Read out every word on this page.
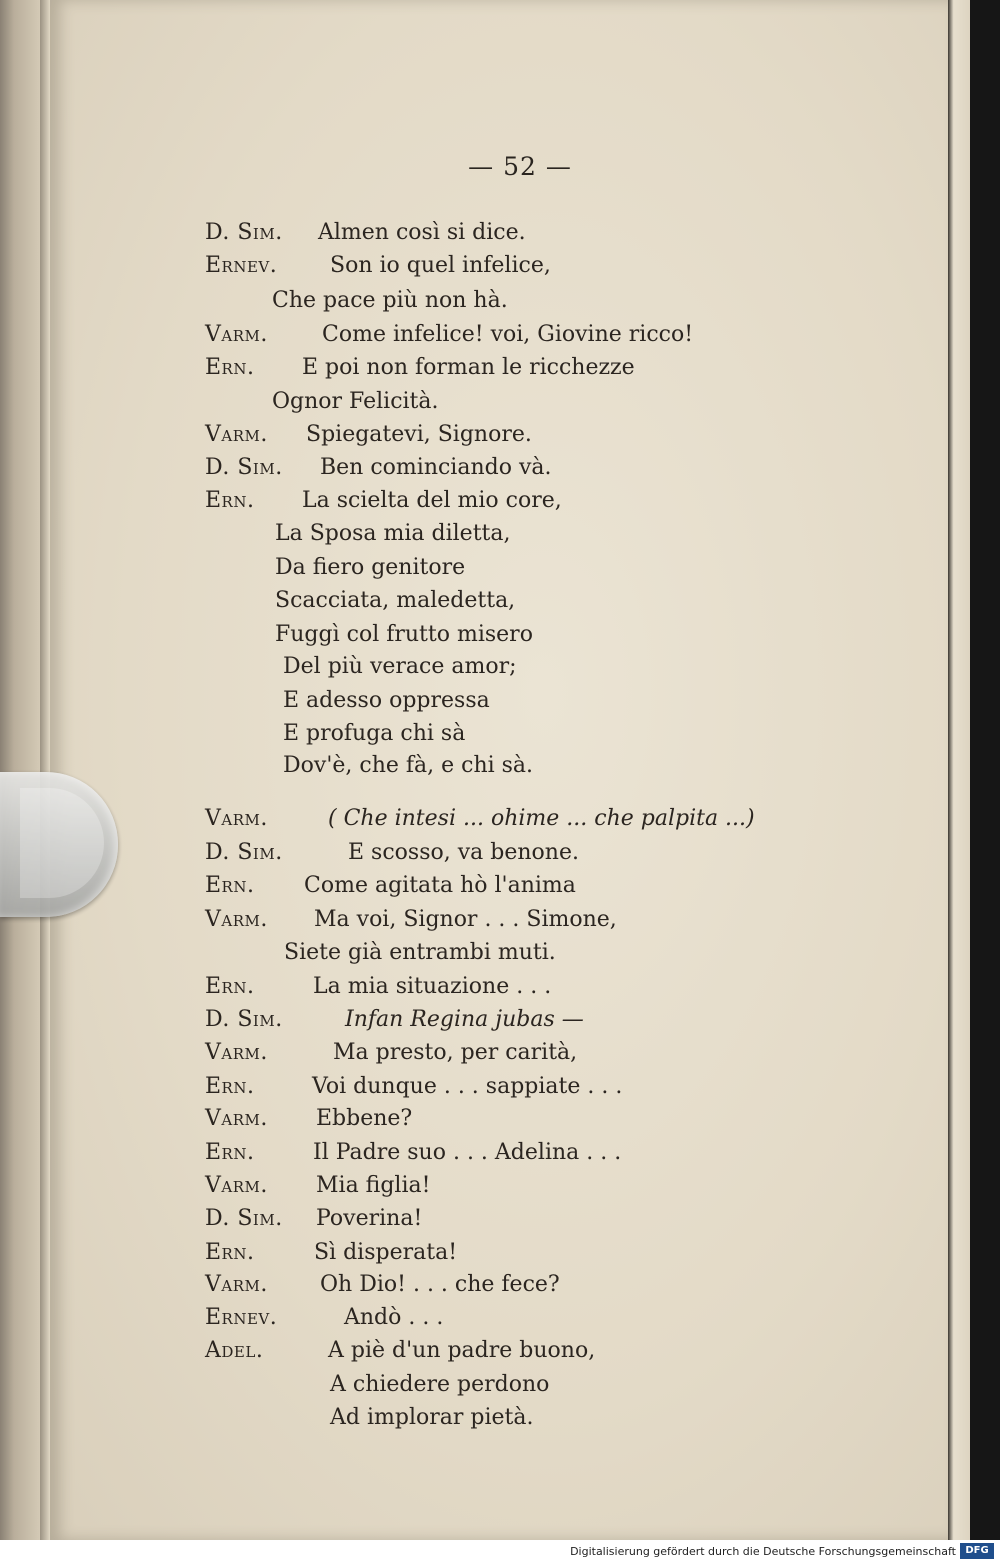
— 52 —
D. Sim. Almen così si dice.
Ernev. Son io quel infelice,
Che pace più non hà.
Varm. Come infelice! voi, Giovine ricco!
Ern. E poi non forman le ricchezze
Ognor Felicità.
Varm. Spiegatevi, Signore.
D. Sim. Ben cominciando và.
Ern. La scielta del mio core,
La Sposa mia diletta,
Da fiero genitore
Scacciata, maledetta,
Fuggì col frutto misero
Del più verace amor;
E adesso oppressa
E profuga chi sà
Dov'è, che fà, e chi sà.
Varm.	( Che intesi ... ohime ... che palpita ...)
D. Sim.	E scosso, va benone.
Ern. Come agitata hò l'anima
Varm. Ma voi, Signor . . . Simone,
Siete già entrambi muti.
Ern.	La mia situazione . . .
D. Sim.	Infan Regina jubas —
Varm.	Ma presto, per carità,
Ern.	Voi dunque . . . sappiate . . .
Varm. Ebbene?
Ern.	Il Padre suo . . . Adelina . . .
Varm. Mia figlia!
D. Sim. Poverina!
Ern.	Sì disperata!
Varm. Oh Dio! . . . che fece?
Ernev.	Andò . . .
Adel.	A piè d'un padre buono,
A chiedere perdono
Ad implorar pietà.
Digitalisierung gefördert durch die Deutsche Forschungsgemeinschaft DFG
